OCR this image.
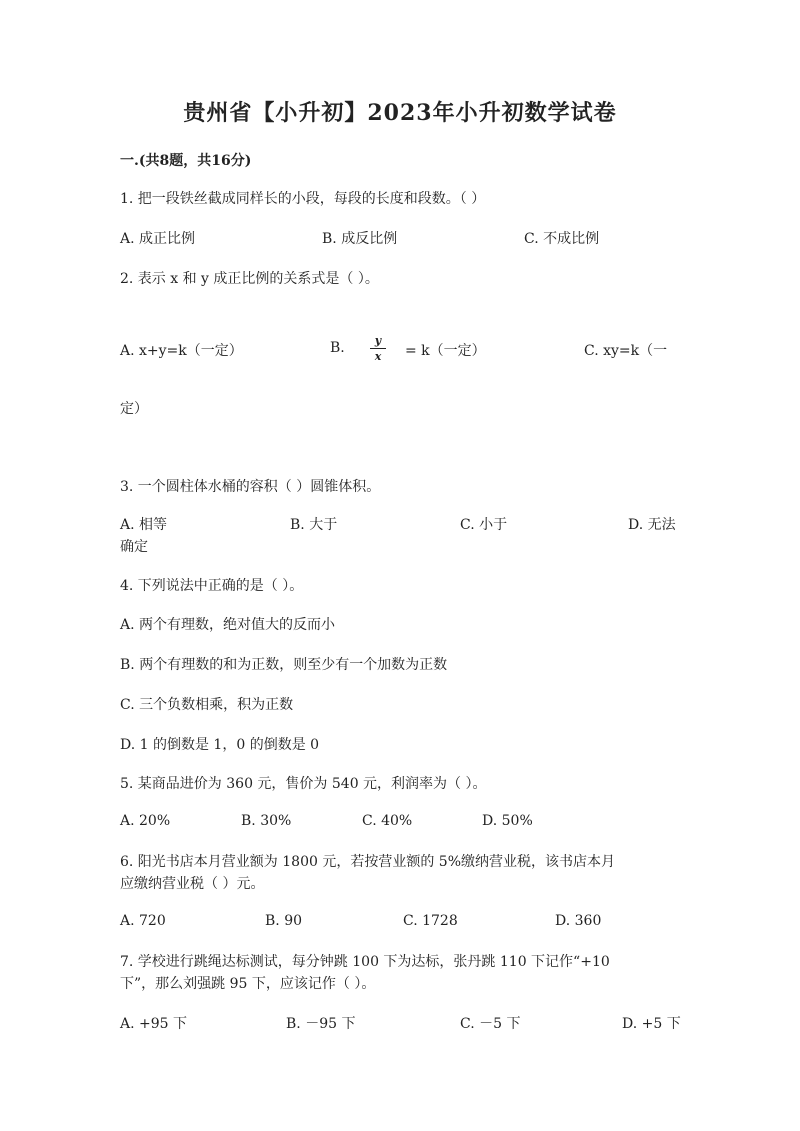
贵州省【小升初】2023年小升初数学试卷
一.(共8题，共16分)
1. 把一段铁丝截成同样长的小段，每段的长度和段数。（ ）
A. 成正比例	B. 成反比例	C. 不成比例
2. 表示 x 和 y 成正比例的关系式是（ ）。
A. x+y=k（一定）	B.	y
x	= k（一定）	C. xy=k（一
定）
3. 一个圆柱体水桶的容积（ ）圆锥体积。
A. 相等	B. 大于	C. 小于	D. 无法
确定
4. 下列说法中正确的是（ ）。
A. 两个有理数，绝对值大的反而小
B. 两个有理数的和为正数，则至少有一个加数为正数
C. 三个负数相乘，积为正数
D. 1 的倒数是 1，0 的倒数是 0
5. 某商品进价为 360 元，售价为 540 元，利润率为（ ）。
A. 20%	B. 30%	C. 40%	D. 50%
6. 阳光书店本月营业额为 1800 元，若按营业额的 5%缴纳营业税，该书店本月
应缴纳营业税（ ）元。
A. 720	B. 90	C. 1728	D. 360
7. 学校进行跳绳达标测试，每分钟跳 100 下为达标，张丹跳 110 下记作“+10
下”，那么刘强跳 95 下，应该记作（ ）。
A. +95 下	B. －95 下	C. －5 下	D. +5 下
